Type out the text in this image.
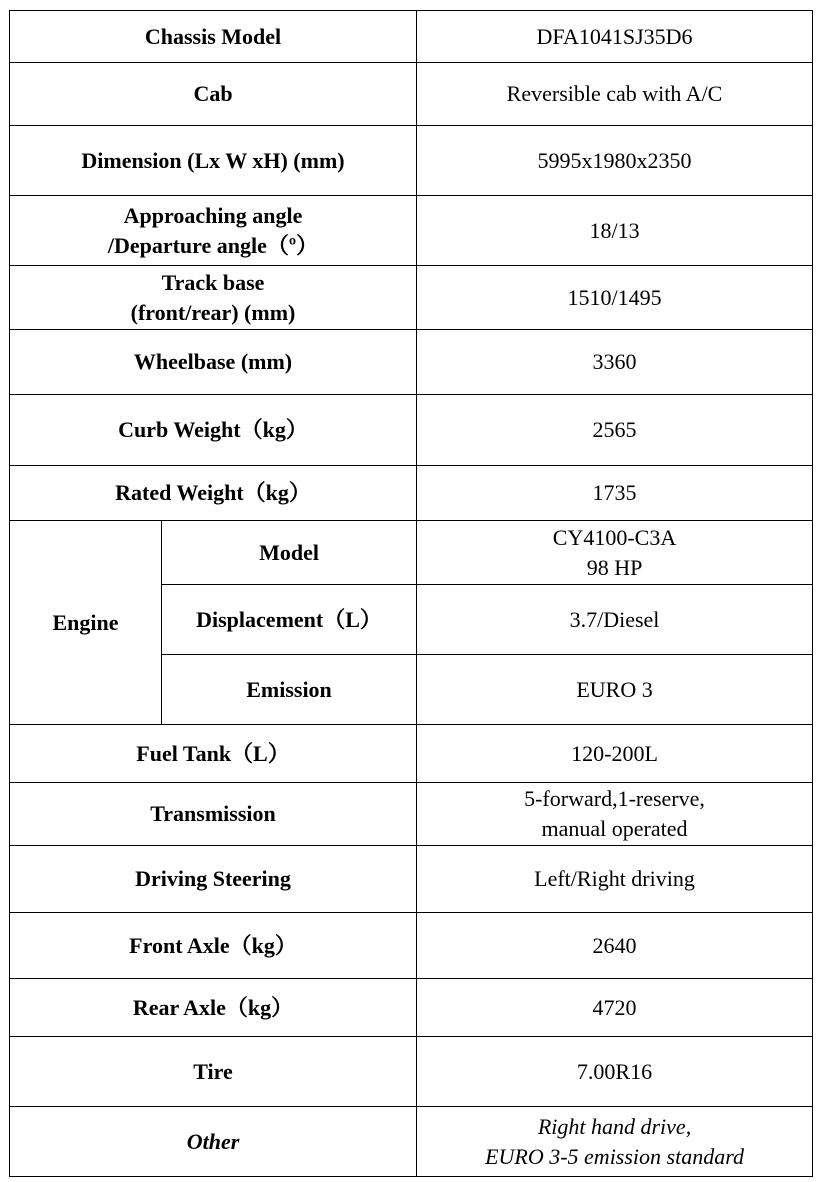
Chassis Model		DFA1041SJ35D6
Cab		Reversible cab with A/C
Dimension (Lx W xH) (mm)		5995x1980x2350

Approaching angle
/Departure angle（º）		18/13

Track base
(front/rear) (mm)		1510/1495
Wheelbase (mm)		3360
Curb Weight（kg）		2565
Rated Weight（kg）		1735
Engine	Model	CY4100-C3A
98 HP

	Displacement（L）	3.7/Diesel
	Emission	EURO 3
Fuel Tank（L）		120-200L
Transmission		5-forward,1-reserve,
manual operated

Driving Steering		Left/Right driving
Front Axle（kg）		2640
Rear Axle（kg）		4720
Tire		7.00R16
Other		Right hand drive,
EURO 3-5 emission standard
